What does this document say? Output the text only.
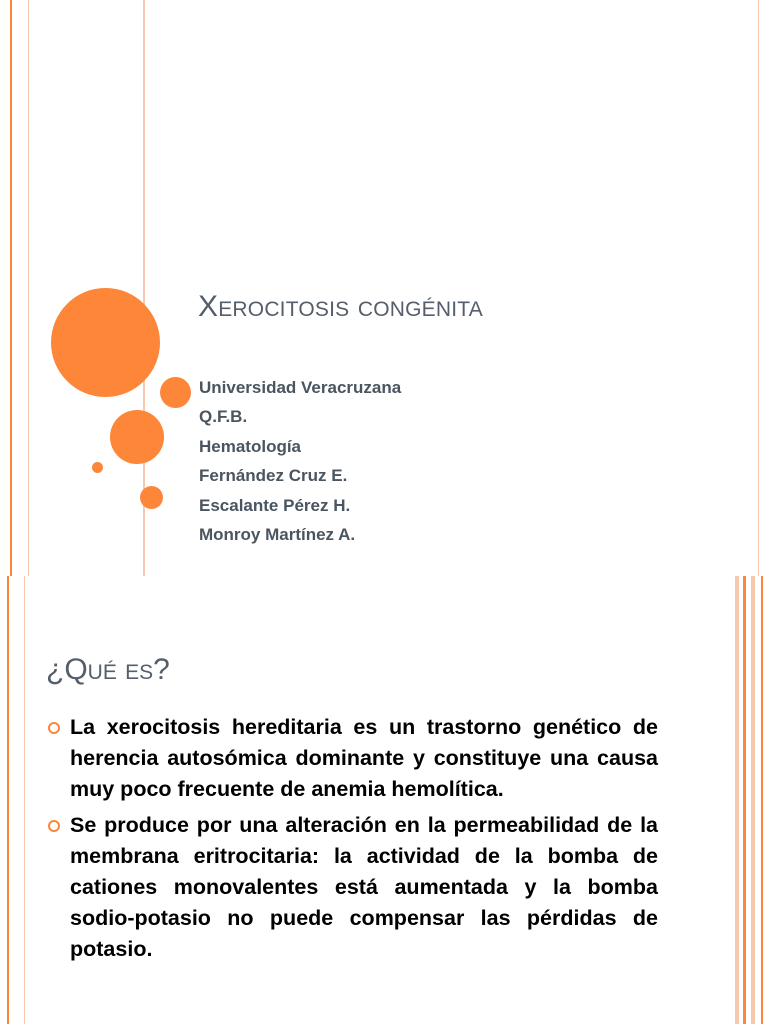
Xerocitosis congénita
Universidad Veracruzana
Q.F.B.
Hematología
Fernández Cruz E.
Escalante Pérez H.
Monroy Martínez A.
¿Qué es?

La xerocitosis hereditaria es un trastorno genético de herencia autosómica dominante y constituye una causa muy poco frecuente de anemia hemolítica.

Se produce por una alteración en la permeabilidad de la membrana eritrocitaria: la actividad de la bomba de cationes monovalentes está aumentada y la bomba sodio-potasio no puede compensar las pérdidas de potasio.
